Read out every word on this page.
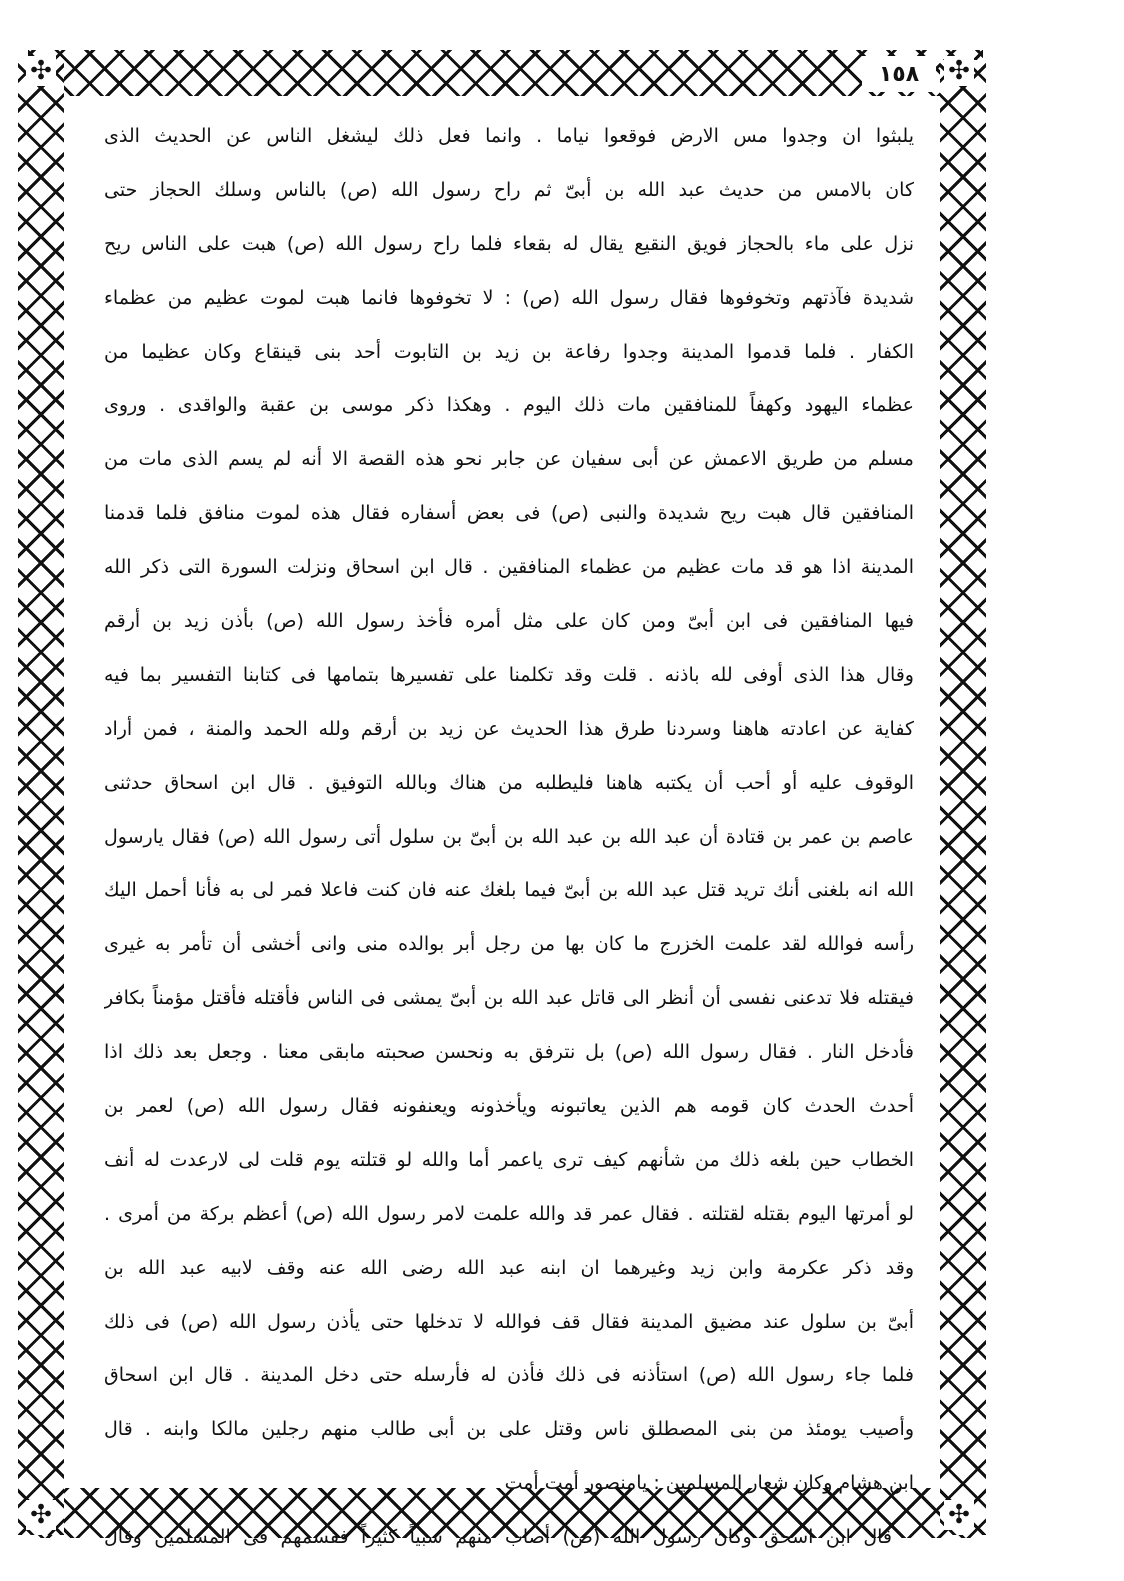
✣	✣
✣	✣
١٥٨
يلبثوا ان وجدوا مس الارض فوقعوا نياما . وانما فعل ذلك ليشغل الناس عن الحديث الذى
كان بالامس من حديث عبد الله بن أبىّ ثم راح رسول الله (ص) بالناس وسلك الحجاز حتى
نزل على ماء بالحجاز فويق النقيع يقال له بقعاء فلما راح رسول الله (ص) هبت على الناس ريح
شديدة فآذتهم وتخوفوها فقال رسول الله (ص) : لا تخوفوها فانما هبت لموت عظيم من عظماء
الكفار . فلما قدموا المدينة وجدوا رفاعة بن زيد بن التابوت أحد بنى قينقاع وكان عظيما من
عظماء اليهود وكهفاً للمنافقين مات ذلك اليوم . وهكذا ذكر موسى بن عقبة والواقدى . وروى
مسلم من طريق الاعمش عن أبى سفيان عن جابر نحو هذه القصة الا أنه لم يسم الذى مات من
المنافقين قال هبت ريح شديدة والنبى (ص) فى بعض أسفاره فقال هذه لموت منافق فلما قدمنا
المدينة اذا هو قد مات عظيم من عظماء المنافقين . قال ابن اسحاق ونزلت السورة التى ذكر الله
فيها المنافقين فى ابن أبىّ ومن كان على مثل أمره فأخذ رسول الله (ص) بأذن زيد بن أرقم
وقال هذا الذى أوفى لله باذنه . قلت وقد تكلمنا على تفسيرها بتمامها فى كتابنا التفسير بما فيه
كفاية عن اعادته هاهنا وسردنا طرق هذا الحديث عن زيد بن أرقم ولله الحمد والمنة ، فمن أراد
الوقوف عليه أو أحب أن يكتبه هاهنا فليطلبه من هناك وبالله التوفيق . قال ابن اسحاق حدثنى
عاصم بن عمر بن قتادة أن عبد الله بن عبد الله بن أبىّ بن سلول أتى رسول الله (ص) فقال يارسول
الله انه بلغنى أنك تريد قتل عبد الله بن أبىّ فيما بلغك عنه فان كنت فاعلا فمر لى به فأنا أحمل اليك
رأسه فوالله لقد علمت الخزرج ما كان بها من رجل أبر بوالده منى وانى أخشى أن تأمر به غيرى
فيقتله فلا تدعنى نفسى أن أنظر الى قاتل عبد الله بن أبىّ يمشى فى الناس فأقتله فأقتل مؤمناً بكافر
فأدخل النار . فقال رسول الله (ص) بل نترفق به ونحسن صحبته مابقى معنا . وجعل بعد ذلك اذا
أحدث الحدث كان قومه هم الذين يعاتبونه ويأخذونه ويعنفونه فقال رسول الله (ص) لعمر بن
الخطاب حين بلغه ذلك من شأنهم كيف ترى ياعمر أما والله لو قتلته يوم قلت لى لارعدت له أنف
لو أمرتها اليوم بقتله لقتلته . فقال عمر قد والله علمت لامر رسول الله (ص) أعظم بركة من أمرى .
وقد ذكر عكرمة وابن زيد وغيرهما ان ابنه عبد الله رضى الله عنه وقف لابيه عبد الله بن
أبىّ بن سلول عند مضيق المدينة فقال قف فوالله لا تدخلها حتى يأذن رسول الله (ص) فى ذلك
فلما جاء رسول الله (ص) استأذنه فى ذلك فأذن له فأرسله حتى دخل المدينة . قال ابن اسحاق
وأصيب يومئذ من بنى المصطلق ناس وقتل على بن أبى طالب منهم رجلين مالكا وابنه . قال
ابن هشام وكان شعار المسلمين : يامنصور أمت أمت
قال ابن اسحق وكان رسول الله (ص) أصاب منهم سبياً كثيراً فقسمهم فى المسلمين وقال
